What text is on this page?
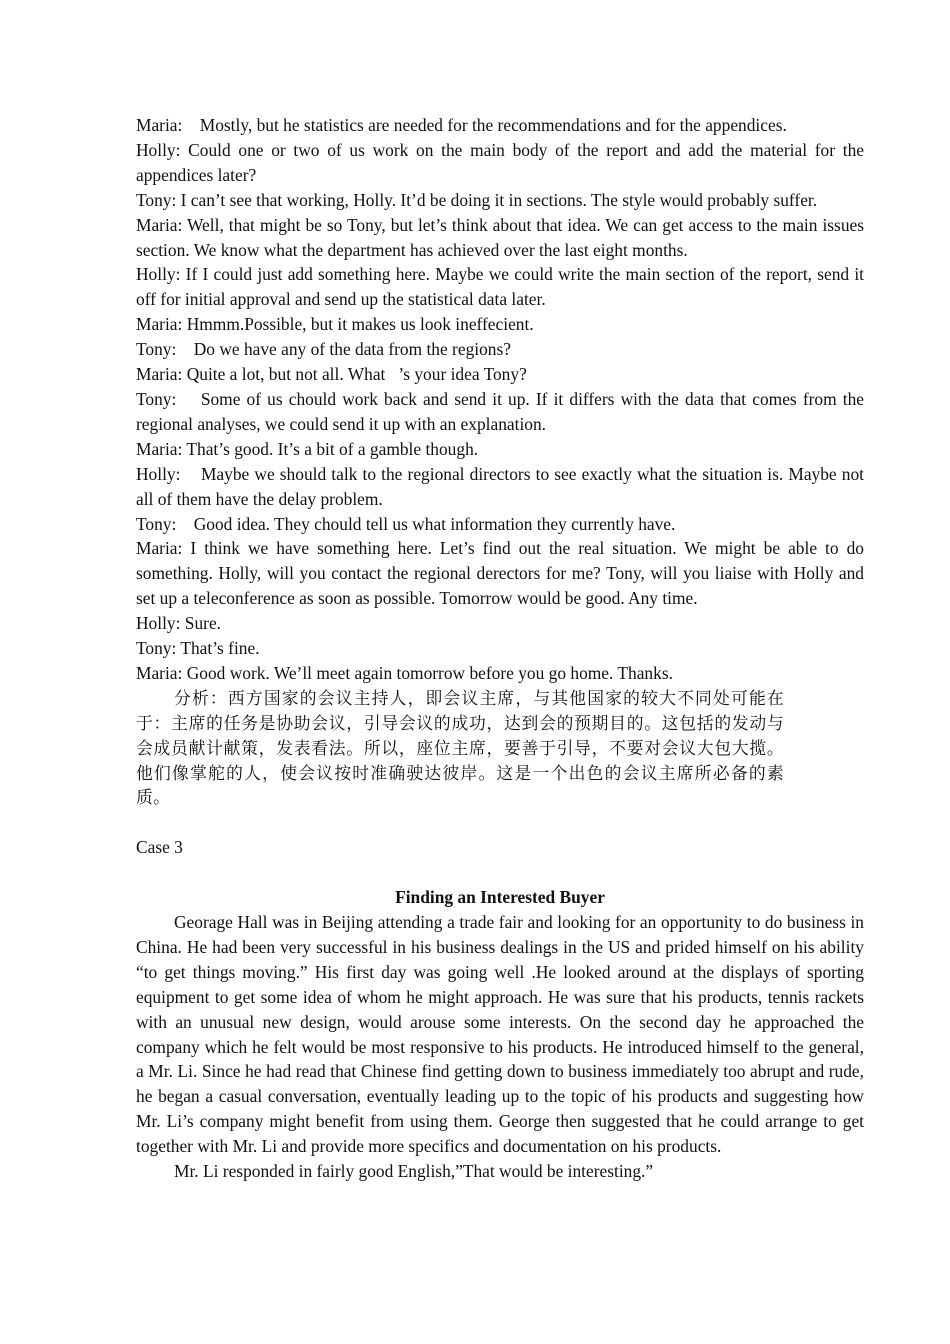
Maria:    Mostly, but he statistics are needed for the recommendations and for the appendices.

Holly: Could one or two of us work on the main body of the report and add the material for the appendices later?

Tony: I can’t see that working, Holly. It’d be doing it in sections. The style would probably suffer.

Maria: Well, that might be so Tony, but let’s think about that idea. We can get access to the main issues section. We know what the department has achieved over the last eight months.

Holly: If I could just add something here. Maybe we could write the main section of the report, send it off for initial approval and send up the statistical data later.

Maria: Hmmm.Possible, but it makes us look ineffecient.

Tony:    Do we have any of the data from the regions?

Maria: Quite a lot, but not all. What   ’s your idea Tony?

Tony:    Some of us chould work back and send it up. If it differs with the data that comes from the regional analyses, we could send it up with an explanation.

Maria: That’s good. It’s a bit of a gamble though.

Holly:    Maybe we should talk to the regional directors to see exactly what the situation is. Maybe not all of them have the delay problem.

Tony:    Good idea. They chould tell us what information they currently have.

Maria: I think we have something here. Let’s find out the real situation. We might be able to do something. Holly, will you contact the regional derectors for me? Tony, will you liaise with Holly and set up a teleconference as soon as possible. Tomorrow would be good. Any time.

Holly: Sure.

Tony: That’s fine.

Maria: Good work. We’ll meet again tomorrow before you go home. Thanks.

分析：西方国家的会议主持人，即会议主席，与其他国家的较大不同处可能在于：主席的任务是协助会议，引导会议的成功，达到会的预期目的。这包括的发动与会成员献计献策，发表看法。所以，座位主席，要善于引导，不要对会议大包大揽。他们像掌舵的人，使会议按时准确驶达彼岸。这是一个出色的会议主席所必备的素质。

Case 3

Finding an Interested Buyer

Georage Hall was in Beijing attending a trade fair and looking for an opportunity to do business in China. He had been very successful in his business dealings in the US and prided himself on his ability “to get things moving.” His first day was going well .He looked around at the displays of sporting equipment to get some idea of whom he might approach. He was sure that his products, tennis rackets with an unusual new design, would arouse some interests. On the second day he approached the company which he felt would be most responsive to his products. He introduced himself to the general, a Mr. Li. Since he had read that Chinese find getting down to business immediately too abrupt and rude, he began a casual conversation, eventually leading up to the topic of his products and suggesting how Mr. Li’s company might benefit from using them. George then suggested that he could arrange to get together with Mr. Li and provide more specifics and documentation on his products.

Mr. Li responded in fairly good English,”That would be interesting.”
